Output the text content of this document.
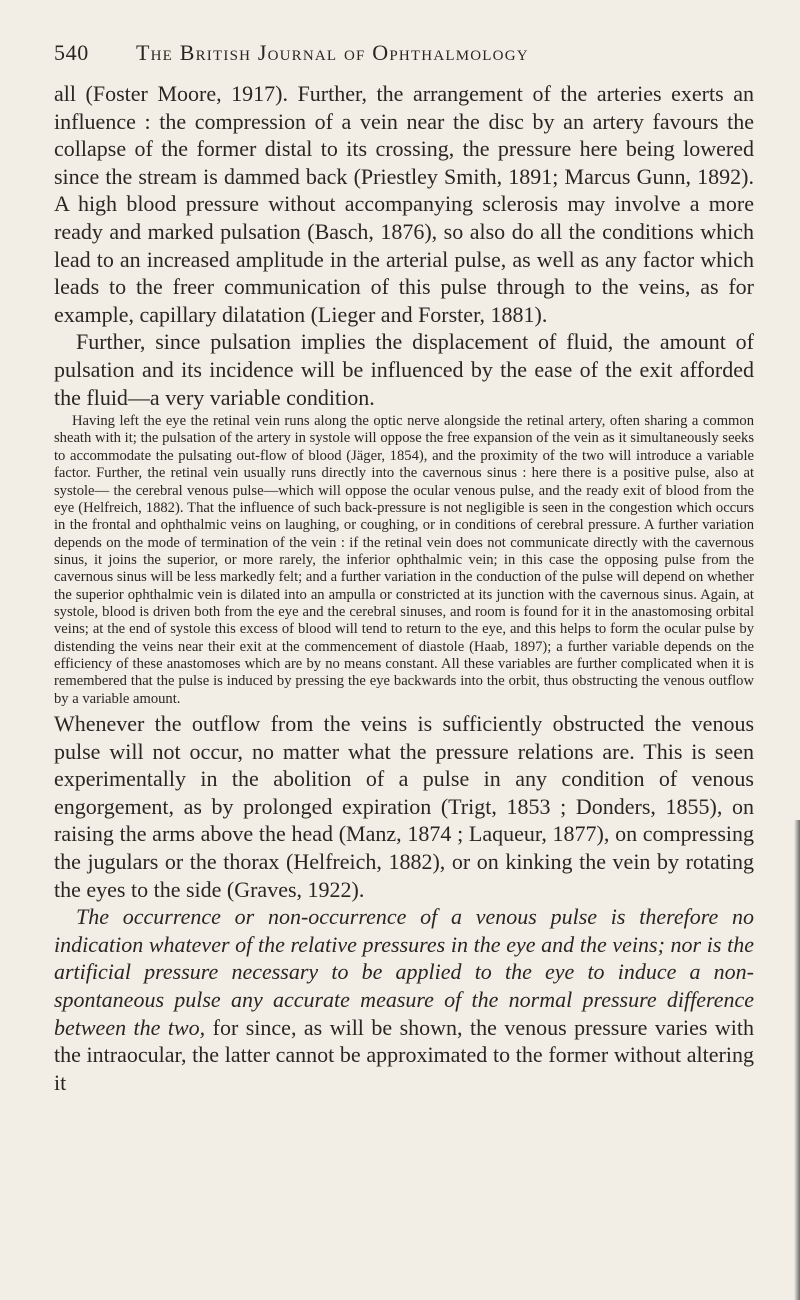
540 The British Journal of Ophthalmology

all (Foster Moore, 1917). Further, the arrangement of the arteries exerts an influence : the compression of a vein near the disc by an artery favours the collapse of the former distal to its crossing, the pressure here being lowered since the stream is dammed back (Priestley Smith, 1891; Marcus Gunn, 1892). A high blood pressure without accompanying sclerosis may involve a more ready and marked pulsation (Basch, 1876), so also do all the conditions which lead to an increased amplitude in the arterial pulse, as well as any factor which leads to the freer communication of this pulse through to the veins, as for example, capillary dilatation (Lieger and Forster, 1881).

Further, since pulsation implies the displacement of fluid, the amount of pulsation and its incidence will be influenced by the ease of the exit afforded the fluid—a very variable condition.

Having left the eye the retinal vein runs along the optic nerve alongside the retinal artery, often sharing a common sheath with it; the pulsation of the artery in systole will oppose the free expansion of the vein as it simultaneously seeks to accommodate the pulsating out-flow of blood (Jäger, 1854), and the proximity of the two will introduce a variable factor. Further, the retinal vein usually runs directly into the cavernous sinus : here there is a positive pulse, also at systole— the cerebral venous pulse—which will oppose the ocular venous pulse, and the ready exit of blood from the eye (Helfreich, 1882). That the influence of such back-pressure is not negligible is seen in the congestion which occurs in the frontal and ophthalmic veins on laughing, or coughing, or in conditions of cerebral pressure. A further variation depends on the mode of termination of the vein : if the retinal vein does not communicate directly with the cavernous sinus, it joins the superior, or more rarely, the inferior ophthalmic vein; in this case the opposing pulse from the cavernous sinus will be less markedly felt; and a further variation in the conduction of the pulse will depend on whether the superior ophthalmic vein is dilated into an ampulla or constricted at its junction with the cavernous sinus. Again, at systole, blood is driven both from the eye and the cerebral sinuses, and room is found for it in the anastomosing orbital veins; at the end of systole this excess of blood will tend to return to the eye, and this helps to form the ocular pulse by distending the veins near their exit at the commencement of diastole (Haab, 1897); a further variable depends on the efficiency of these anastomoses which are by no means constant. All these variables are further complicated when it is remembered that the pulse is induced by pressing the eye backwards into the orbit, thus obstructing the venous outflow by a variable amount.

Whenever the outflow from the veins is sufficiently obstructed the venous pulse will not occur, no matter what the pressure relations are. This is seen experimentally in the abolition of a pulse in any condition of venous engorgement, as by prolonged expiration (Trigt, 1853 ; Donders, 1855), on raising the arms above the head (Manz, 1874 ; Laqueur, 1877), on compressing the jugulars or the thorax (Helfreich, 1882), or on kinking the vein by rotating the eyes to the side (Graves, 1922).

The occurrence or non-occurrence of a venous pulse is therefore no indication whatever of the relative pressures in the eye and the veins; nor is the artificial pressure necessary to be applied to the eye to induce a non-spontaneous pulse any accurate measure of the normal pressure difference between the two, for since, as will be shown, the venous pressure varies with the intraocular, the latter cannot be approximated to the former without altering it
